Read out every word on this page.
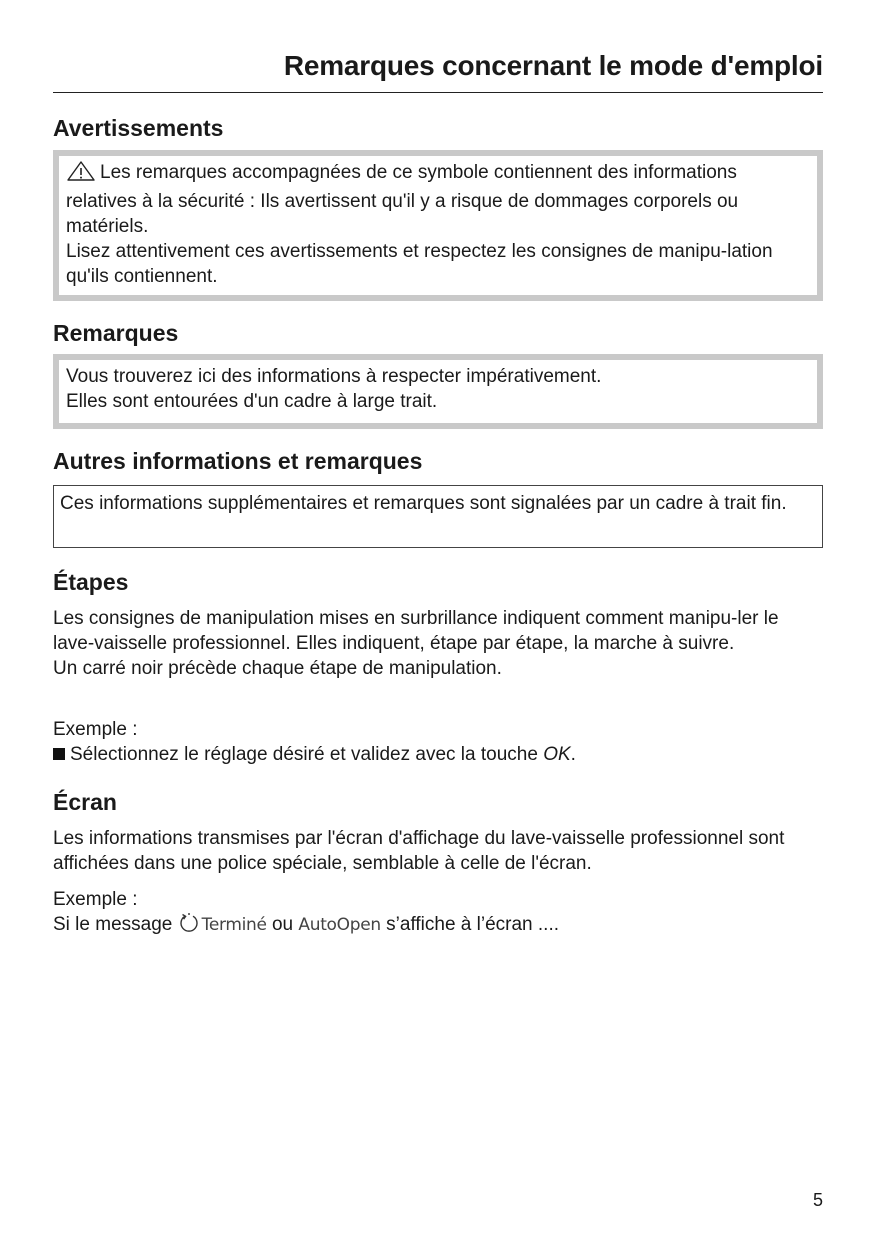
Remarques concernant le mode d'emploi
Avertissements
Les remarques accompagnées de ce symbole contiennent des informations relatives à la sécurité : Ils avertissent qu'il y a risque de dommages corporels ou matériels.
Lisez attentivement ces avertissements et respectez les consignes de manipu-lation qu'ils contiennent.
Remarques
Vous trouverez ici des informations à respecter impérativement.
Elles sont entourées d'un cadre à large trait.
Autres informations et remarques
Ces informations supplémentaires et remarques sont signalées par un cadre à trait fin.
Étapes

Les consignes de manipulation mises en surbrillance indiquent comment manipu-ler le lave-vaisselle professionnel. Elles indiquent, étape par étape, la marche à suivre.

Un carré noir précède chaque étape de manipulation.

Exemple :

Sélectionnez le réglage désiré et validez avec la touche OK.

Écran

Les informations transmises par l'écran d'affichage du lave-vaisselle professionnel sont affichées dans une police spéciale, semblable à celle de l'écran.

Exemple :

Si le message Terminé ou AutoOpen s’affiche à l’écran ....

5
